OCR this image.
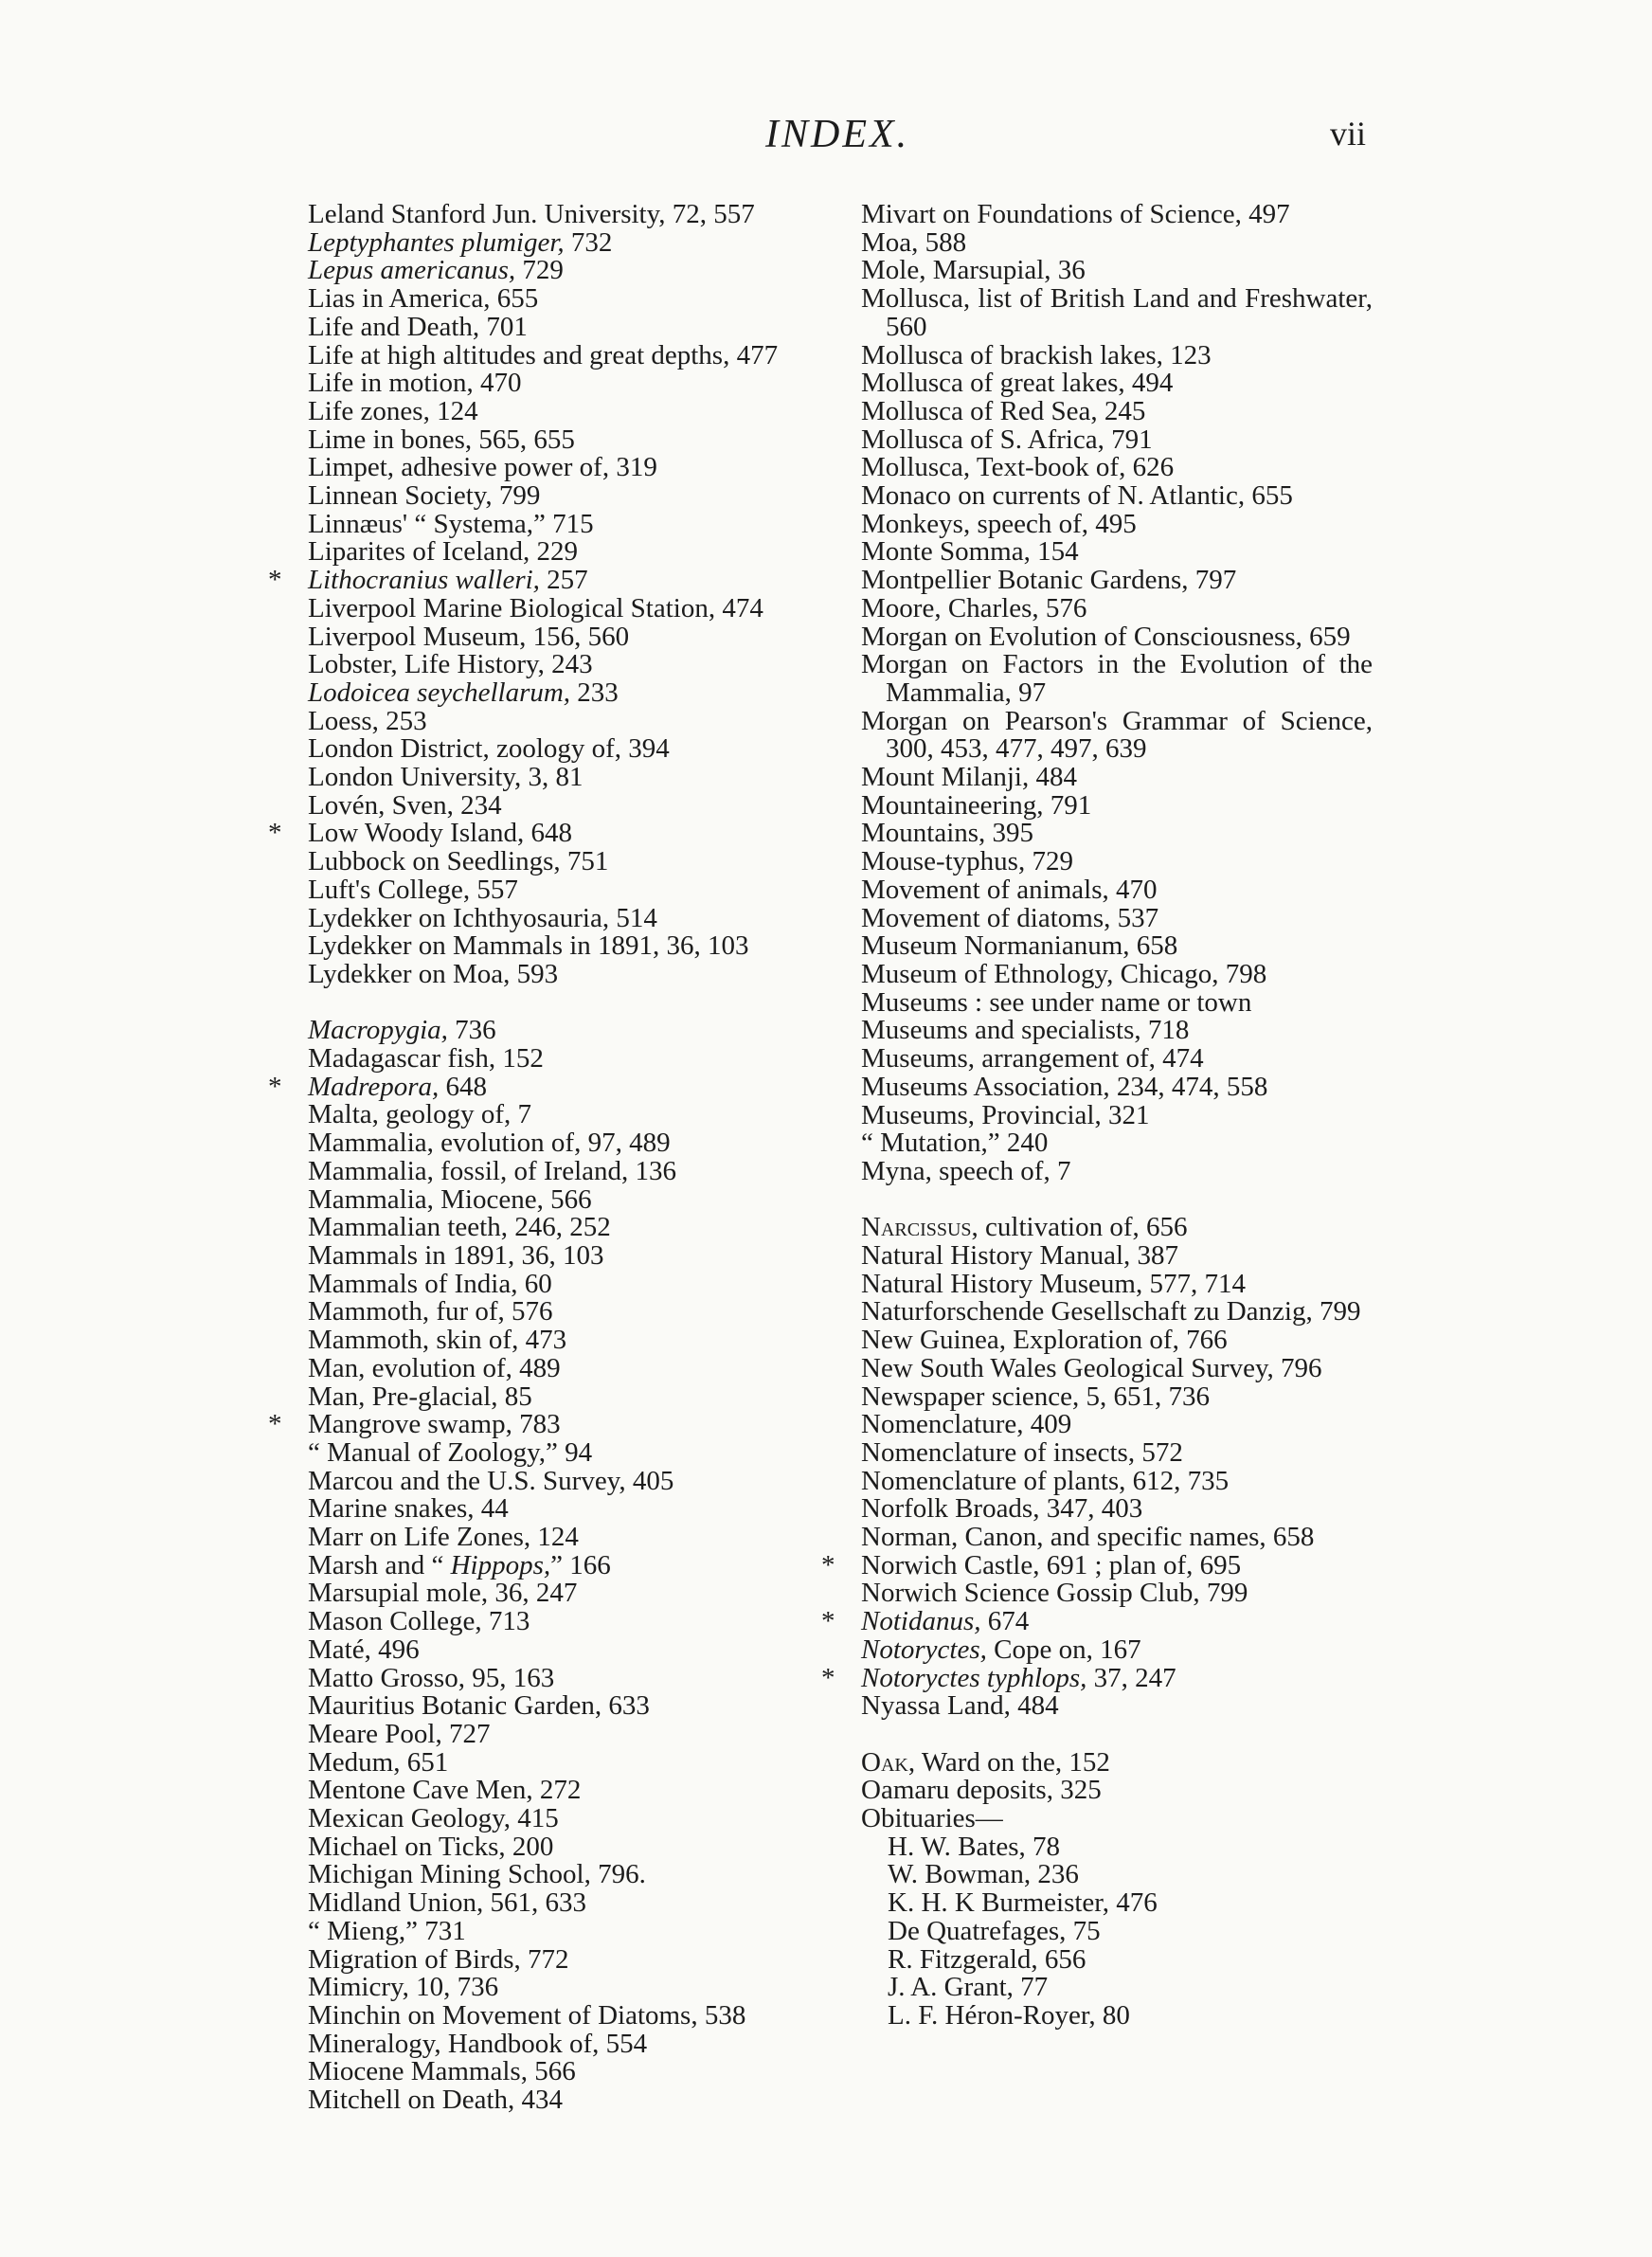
INDEX.	vii
Leland Stanford Jun. University, 72, 557
Leptyphantes plumiger, 732
Lepus americanus, 729
Lias in America, 655
Life and Death, 701
Life at high altitudes and great depths, 477
Life in motion, 470
Life zones, 124
Lime in bones, 565, 655
Limpet, adhesive power of, 319
Linnean Society, 799
Linnæus' “ Systema,” 715
Liparites of Iceland, 229
* Lithocranius walleri, 257
Liverpool Marine Biological Station, 474
Liverpool Museum, 156, 560
Lobster, Life History, 243
Lodoicea seychellarum, 233
Loess, 253
London District, zoology of, 394
London University, 3, 81
Lovén, Sven, 234
* Low Woody Island, 648
Lubbock on Seedlings, 751
Luft's College, 557
Lydekker on Ichthyosauria, 514
Lydekker on Mammals in 1891, 36, 103
Lydekker on Moa, 593
Macropygia, 736
Madagascar fish, 152
* Madrepora, 648
Malta, geology of, 7
Mammalia, evolution of, 97, 489
Mammalia, fossil, of Ireland, 136
Mammalia, Miocene, 566
Mammalian teeth, 246, 252
Mammals in 1891, 36, 103
Mammals of India, 60
Mammoth, fur of, 576
Mammoth, skin of, 473
Man, evolution of, 489
Man, Pre-glacial, 85
* Mangrove swamp, 783
“ Manual of Zoology,” 94
Marcou and the U.S. Survey, 405
Marine snakes, 44
Marr on Life Zones, 124
Marsh and “ Hippops,” 166
Marsupial mole, 36, 247
Mason College, 713
Maté, 496
Matto Grosso, 95, 163
Mauritius Botanic Garden, 633
Meare Pool, 727
Medum, 651
Mentone Cave Men, 272
Mexican Geology, 415
Michael on Ticks, 200
Michigan Mining School, 796.
Midland Union, 561, 633
“ Mieng,” 731
Migration of Birds, 772
Mimicry, 10, 736
Minchin on Movement of Diatoms, 538
Mineralogy, Handbook of, 554
Miocene Mammals, 566
Mitchell on Death, 434
Mivart on Foundations of Science, 497
Moa, 588
Mole, Marsupial, 36
Mollusca, list of British Land and Freshwater, 560
Mollusca of brackish lakes, 123
Mollusca of great lakes, 494
Mollusca of Red Sea, 245
Mollusca of S. Africa, 791
Mollusca, Text-book of, 626
Monaco on currents of N. Atlantic, 655
Monkeys, speech of, 495
Monte Somma, 154
Montpellier Botanic Gardens, 797
Moore, Charles, 576
Morgan on Evolution of Consciousness, 659
Morgan on Factors in the Evolution of the Mammalia, 97
Morgan on Pearson's Grammar of Science, 300, 453, 477, 497, 639
Mount Milanji, 484
Mountaineering, 791
Mountains, 395
Mouse-typhus, 729
Movement of animals, 470
Movement of diatoms, 537
Museum Normanianum, 658
Museum of Ethnology, Chicago, 798
Museums : see under name or town
Museums and specialists, 718
Museums, arrangement of, 474
Museums Association, 234, 474, 558
Museums, Provincial, 321
“ Mutation,” 240
Myna, speech of, 7
Narcissus, cultivation of, 656
Natural History Manual, 387
Natural History Museum, 577, 714
Naturforschende Gesellschaft zu Danzig, 799
New Guinea, Exploration of, 766
New South Wales Geological Survey, 796
Newspaper science, 5, 651, 736
Nomenclature, 409
Nomenclature of insects, 572
Nomenclature of plants, 612, 735
Norfolk Broads, 347, 403
Norman, Canon, and specific names, 658
* Norwich Castle, 691 ; plan of, 695
Norwich Science Gossip Club, 799
* Notidanus, 674
Notoryctes, Cope on, 167
* Notoryctes typhlops, 37, 247
Nyassa Land, 484
Oak, Ward on the, 152
Oamaru deposits, 325
Obituaries—
H. W. Bates, 78
W. Bowman, 236
K. H. K Burmeister, 476
De Quatrefages, 75
R. Fitzgerald, 656
J. A. Grant, 77
L. F. Héron-Royer, 80
